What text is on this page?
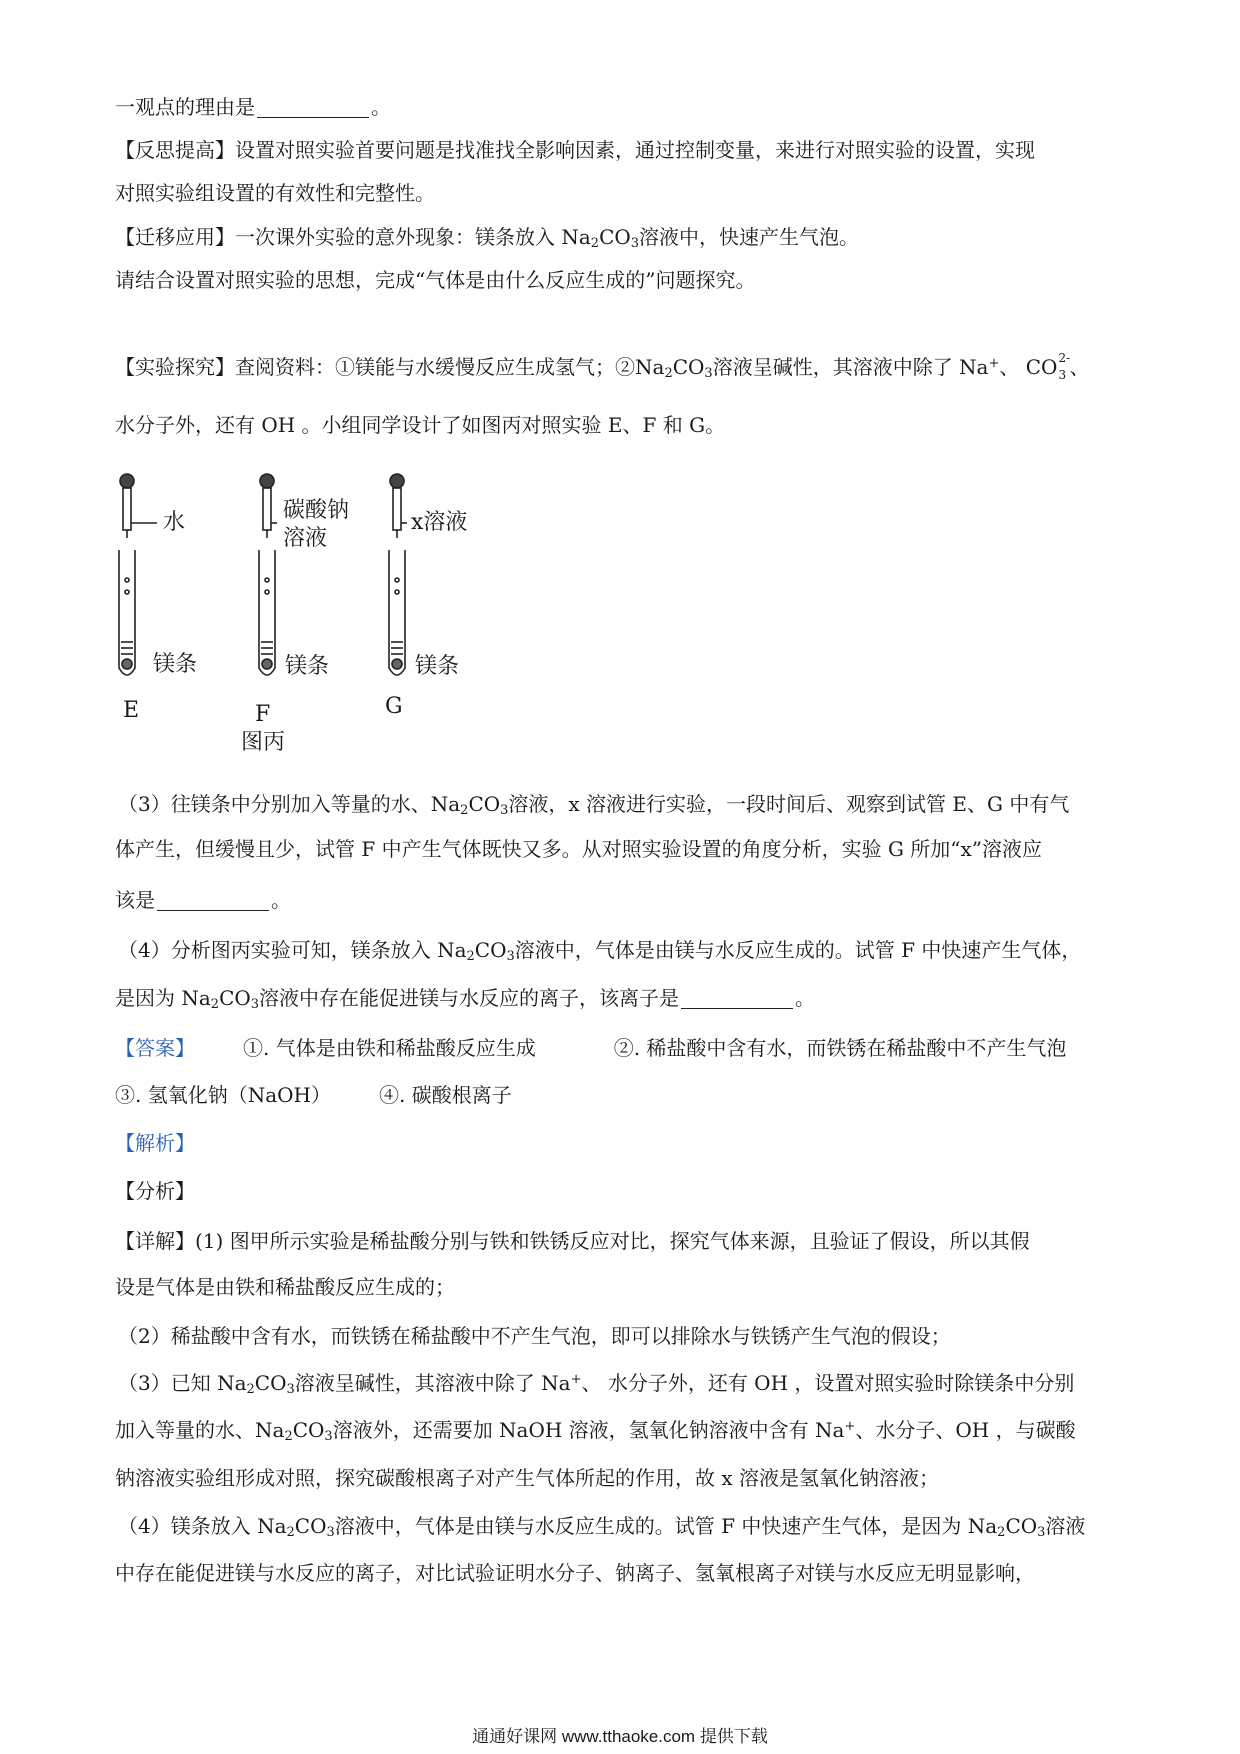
一观点的理由是	。
【反思提高】设置对照实验首要问题是找准找全影响因素，通过控制变量，来进行对照实验的设置，实现
对照实验组设置的有效性和完整性。
【迁移应用】一次课外实验的意外现象：镁条放入 $Na_2CO_3$溶液中，快速产生气泡。
请结合设置对照实验的思想，完成“气体是由什么反应生成的”问题探究。
【实验探究】查阅资料：①镁能与水缓慢反应生成氢气；$②Na_2CO_3$溶液呈碱性，其溶液中除了 Na+、 CO 2-
3 、
水分子外，还有 OH 。小组同学设计了如图丙对照实验 E、F 和 G。
水	碳酸钠
溶液
x溶液
镁条	镁条	镁条
E	F	G
图丙
（3）往镁条中分别加入等量的水、$Na_2CO_3$溶液，x 溶液进行实验，一段时间后、观察到试管 E、G 中有气
体产生，但缓慢且少，试管 F 中产生气体既快又多。从对照实验设置的角度分析，实验 G 所加“x”溶液应
该是	。
（4）分析图丙实验可知，镁条放入 $Na_2CO_3$溶液中，气体是由镁与水反应生成的。试管 F 中快速产生气体，
是因为 $Na_2CO_3$溶液中存在能促进镁与水反应的离子，该离子是	。
【答案】 ①. 气体是由铁和稀盐酸反应生成	②. 稀盐酸中含有水，而铁锈在稀盐酸中不产生气泡
③. 氢氧化钠（NaOH） ④. 碳酸根离子
【解析】
【分析】
【详解】(1) 图甲所示实验是稀盐酸分别与铁和铁锈反应对比，探究气体来源，且验证了假设，所以其假
设是气体是由铁和稀盐酸反应生成的；
（2）稀盐酸中含有水，而铁锈在稀盐酸中不产生气泡，即可以排除水与铁锈产生气泡的假设；
（3）已知 $Na_2CO_3$溶液呈碱性，其溶液中除了 Na+、 水分子外，还有 OH ，设置对照实验时除镁条中分别
加入等量的水、$Na_2CO_3$溶液外，还需要加 NaOH 溶液，氢氧化钠溶液中含有 Na+、水分子、OH ，与碳酸
钠溶液实验组形成对照，探究碳酸根离子对产生气体所起的作用，故 x 溶液是氢氧化钠溶液；
（4）镁条放入 $Na_2CO_3$溶液中，气体是由镁与水反应生成的。试管 F 中快速产生气体，是因为 $Na_2CO_3$溶液
中存在能促进镁与水反应的离子，对比试验证明水分子、钠离子、氢氧根离子对镁与水反应无明显影响，
通通好课网 www.tthaoke.com 提供下载
